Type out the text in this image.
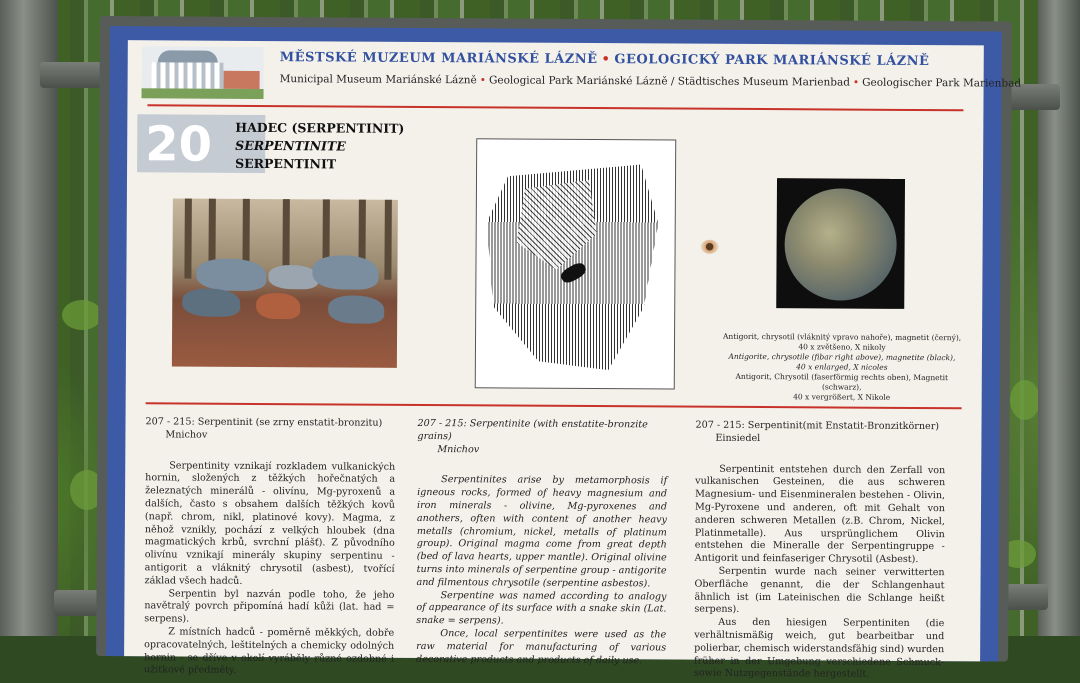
MĚSTSKÉ MUZEUM MARIÁNSKÉ LÁZNĚ • GEOLOGICKÝ PARK MARIÁNSKÉ LÁZNĚ
Municipal Museum Mariánské Lázně • Geological Park Mariánské Lázně / Städtisches Museum Marienbad • Geologischer Park Marienbad
20 HADEC (SERPENTINIT)
SERPENTINITE
SERPENTINIT
Antigorit, chrysotil (vláknitý vpravo nahoře), magnetit (černý),
40 x zvětšeno, X nikoly
Antigorite, chrysotile (fibar right above), magnetite (black),
40 x enlarged, X nicoles
Antigorit, Chrysotil (faserförmig rechts oben), Magnetit (schwarz),
40 x vergrößert, X Nikole
207 - 215: Serpentinit (se zrny enstatit-bronzitu)
Mnichov

Serpentinity vznikají rozkladem vulkanických hornin, složených z těžkých hořečnatých a železnatých minerálů - olivínu, Mg-pyroxenů a dalších, často s obsahem dalších těžkých kovů (např. chrom, nikl, platinové kovy). Magma, z něhož vznikly, pochází z velkých hloubek (dna magmatických krbů, svrchní plášť). Z původního olivínu vznikají minerály skupiny serpentinu - antigorit a vláknitý chrysotil (asbest), tvořící základ všech hadců.

Serpentin byl nazván podle toho, že jeho navětralý povrch připomíná hadí kůži (lat. had = serpens).

Z místních hadců - poměrně měkkých, dobře opracovatelných, leštitelných a chemicky odolných hornin - se dříve v okolí vyráběly různé ozdobné i užitkové předměty.

207 - 215: Serpentinite (with enstatite-bronzite grains)
Mnichov

Serpentinites arise by metamorphosis if igneous rocks, formed of heavy magnesium and iron minerals - olivine, Mg-pyroxenes and anothers, often with content of another heavy metalls (chromium, nickel, metalls of platinum group). Original magma come from great depth (bed of lava hearts, upper mantle). Original olivine turns into minerals of serpentine group - antigorite and filmentous chrysotile (serpentine asbestos).

Serpentine was named according to analogy of appearance of its surface with a snake skin (Lat. snake = serpens).

Once, local serpentinites were used as the raw material for manufacturing of various decorative products and products of daily use.

207 - 215: Serpentinit(mit Enstatit-Bronzitkörner)
Einsiedel

Serpentinit entstehen durch den Zerfall von vulkanischen Gesteinen, die aus schweren Magnesium- und Eisenmineralen bestehen - Olivin, Mg-Pyroxene und anderen, oft mit Gehalt von anderen schweren Metallen (z.B. Chrom, Nickel, Platinmetalle). Aus ursprünglichem Olivin entstehen die Mineralle der Serpentingruppe - Antigorit und feinfaseriger Chrysotil (Asbest).

Serpentin wurde nach seiner verwitterten Oberfläche genannt, die der Schlangenhaut ähnlich ist (im Lateinischen die Schlange heißt serpens).

Aus den hiesigen Serpentiniten (die verhältnismäßig weich, gut bearbeitbar und polierbar, chemisch widerstandsfähig sind) wurden früher in der Umgebung verschiedene Schmuck- sowie Nutzgegenstände hergestellt.
